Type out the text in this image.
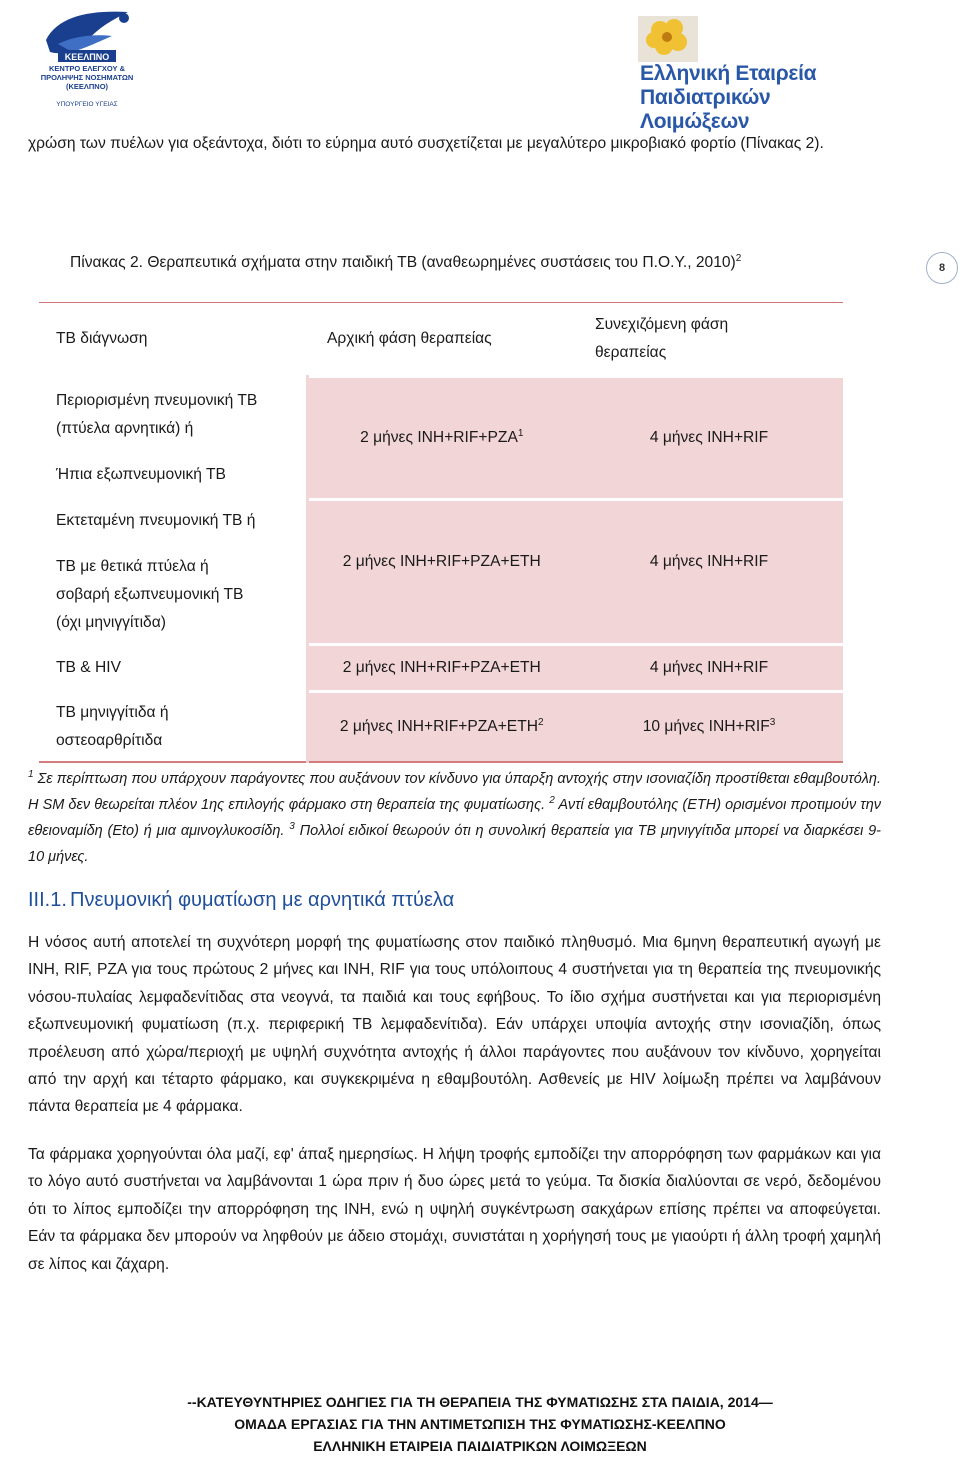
ΚΕΕΛΠΝΟ
ΚΕΝΤΡΟ ΕΛΕΓΧΟΥ & ΠΡΟΛΗΨΗΣ ΝΟΣΗΜΑΤΩΝ (ΚΕΕΛΠΝΟ)
ΥΠΟΥΡΓΕΙΟ ΥΓΕΙΑΣ
Ελληνική Εταιρεία
Παιδιατρικών Λοιμώξεων

χρώση των πυέλων για οξεάντοχα, διότι το εύρημα αυτό συσχετίζεται με μεγαλύτερο μικροβιακό φορτίο (Πίνακας 2).

Πίνακας 2. Θεραπευτικά σχήματα στην παιδική ΤΒ (αναθεωρημένες συστάσεις του Π.Ο.Υ., 2010)$^2$

8
ΤΒ διάγνωση	Αρχική φάση θεραπείας	Συνεχιζόμενη φάση θεραπείας

Περιορισμένη πνευμονική ΤΒ
(πτύελα αρνητικά) ή
Ήπια εξωπνευμονική ΤΒ	2 μήνες $INH+RIF+PZA^1$	4 μήνες INH+RIF

Εκτεταμένη πνευμονική ΤΒ ή
ΤΒ με θετικά πτύελα ή
σοβαρή εξωπνευμονική ΤΒ
(όχι μηνιγγίτιδα)	2 μήνες INH+RIF+PZA+ETH	4 μήνες INH+RIF

ΤΒ & HIV	2 μήνες INH+RIF+PZA+ETH	4 μήνες INH+RIF

ΤΒ μηνιγγίτιδα ή
οστεοαρθρίτιδα	2 μήνες $INH+RIF+PZA+ETH^2$	10 μήνες $INH+RIF^3$

$^1$ Σε περίπτωση που υπάρχουν παράγοντες που αυξάνουν τον κίνδυνο για ύπαρξη αντοχής στην ισονιαζίδη προστίθεται εθαμβουτόλη. Η SM δεν θεωρείται πλέον 1ης επιλογής φάρμακο στη θεραπεία της φυματίωσης. $^2$ Αντί εθαμβουτόλης (ΕΤΗ) ορισμένοι προτιμούν την εθειοναμίδη (Eto) ή μια αμινογλυκοσίδη. $^3$ Πολλοί ειδικοί θεωρούν ότι η συνολική θεραπεία για ΤΒ μηνιγγίτιδα μπορεί να διαρκέσει 9-10 μήνες.

ΙΙΙ.1. Πνευμονική φυματίωση με αρνητικά πτύελα

Η νόσος αυτή αποτελεί τη συχνότερη μορφή της φυματίωσης στον παιδικό πληθυσμό. Μια 6μηνη θεραπευτική αγωγή με INH, RIF, PZA για τους πρώτους 2 μήνες και INH, RIF για τους υπόλοιπους 4 συστήνεται για τη θεραπεία της πνευμονικής νόσου-πυλαίας λεμφαδενίτιδας στα νεογνά, τα παιδιά και τους εφήβους. Το ίδιο σχήμα συστήνεται και για περιορισμένη εξωπνευμονική φυματίωση (π.χ. περιφερική ΤΒ λεμφαδενίτιδα). Εάν υπάρχει υποψία αντοχής στην ισονιαζίδη, όπως προέλευση από χώρα/περιοχή με υψηλή συχνότητα αντοχής ή άλλοι παράγοντες που αυξάνουν τον κίνδυνο, χορηγείται από την αρχή και τέταρτο φάρμακο, και συγκεκριμένα η εθαμβουτόλη. Ασθενείς με HIV λοίμωξη πρέπει να λαμβάνουν πάντα θεραπεία με 4 φάρμακα.

Τα φάρμακα χορηγούνται όλα μαζί, εφ' άπαξ ημερησίως. Η λήψη τροφής εμποδίζει την απορρόφηση των φαρμάκων και για το λόγο αυτό συστήνεται να λαμβάνονται 1 ώρα πριν ή δυο ώρες μετά το γεύμα. Τα δισκία διαλύονται σε νερό, δεδομένου ότι το λίπος εμποδίζει την απορρόφηση της INH, ενώ η υψηλή συγκέντρωση σακχάρων επίσης πρέπει να αποφεύγεται. Εάν τα φάρμακα δεν μπορούν να ληφθούν με άδειο στομάχι, συνιστάται η χορήγησή τους με γιαούρτι ή άλλη τροφή χαμηλή σε λίπος και ζάχαρη.

--ΚΑΤΕΥΘΥΝΤΗΡΙΕΣ ΟΔΗΓΙΕΣ ΓΙΑ ΤΗ ΘΕΡΑΠΕΙΑ ΤΗΣ ΦΥΜΑΤΙΩΣΗΣ ΣΤΑ ΠΑΙΔΙΑ, 2014—
ΟΜΑΔΑ ΕΡΓΑΣΙΑΣ ΓΙΑ ΤΗΝ ΑΝΤΙΜΕΤΩΠΙΣΗ ΤΗΣ ΦΥΜΑΤΙΩΣΗΣ-ΚΕΕΛΠΝΟ
ΕΛΛΗΝΙΚΗ ΕΤΑΙΡΕΙΑ ΠΑΙΔΙΑΤΡΙΚΩΝ ΛΟΙΜΩΞΕΩΝ
